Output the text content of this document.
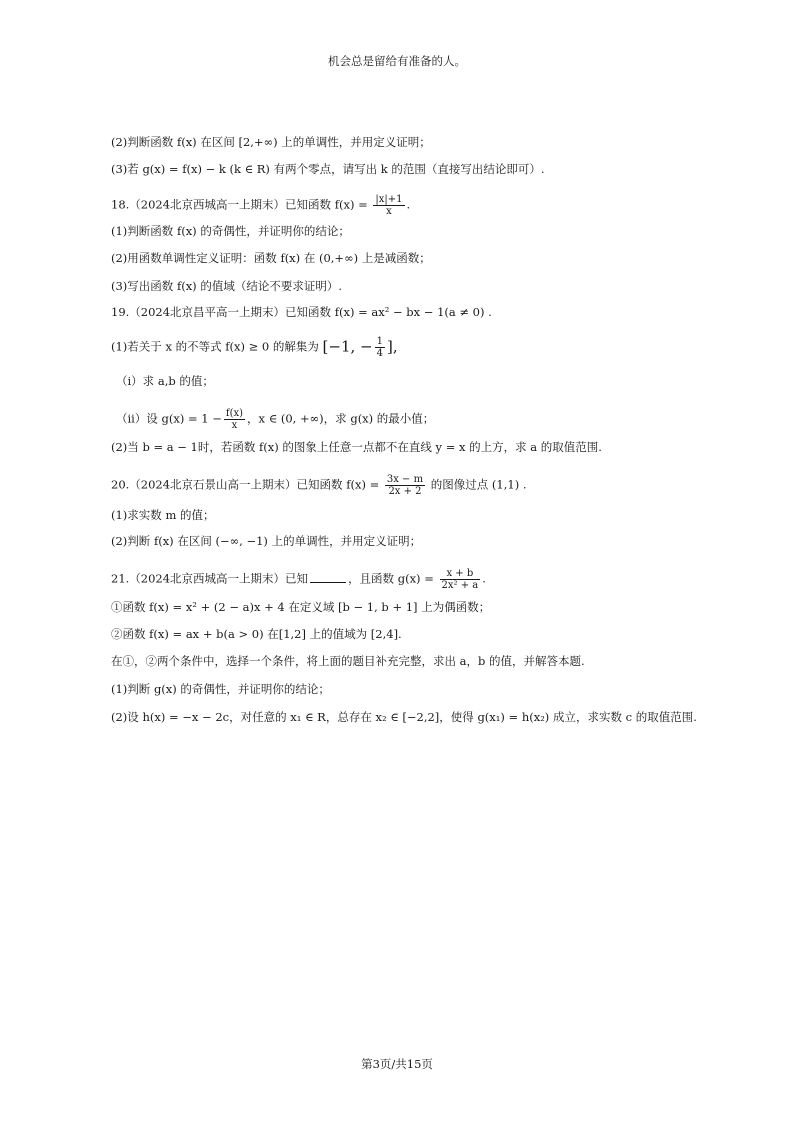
机会总是留给有准备的人。
(2)判断函数 f(x) 在区间 [2,+∞) 上的单调性，并用定义证明；
(3)若 g(x) = f(x) − k (k ∈ R) 有两个零点，请写出 k 的范围（直接写出结论即可）.
18.（2024北京西城高一上期末）已知函数 $f(x) = \frac{|x|+1}{x}$ .
(1)判断函数 f(x) 的奇偶性，并证明你的结论；
(2)用函数单调性定义证明：函数 f(x) 在 (0,+∞) 上是减函数；
(3)写出函数 f(x) 的值域（结论不要求证明）.
19.（2024北京昌平高一上期末）已知函数 f(x) = ax² − bx − 1(a ≠ 0) .
(1)若关于 x 的不等式 f(x) ≥ 0 的解集为 [−1, − $\frac{1}{4}$ ],
（i）求 a,b 的值；
（ii）设 $g(x) = 1 - \frac{f(x)}{x}$ ，x ∈ (0, +∞)，求 g(x) 的最小值；
(2)当 b = a − 1时，若函数 f(x) 的图象上任意一点都不在直线 y = x 的上方，求 a 的取值范围.
20.（2024北京石景山高一上期末）已知函数 $f(x) = \frac{3x - m}{2x + 2}$ 的图像过点 (1,1) .
(1)求实数 m 的值；
(2)判断 f(x) 在区间 (−∞, −1) 上的单调性，并用定义证明；
21.（2024北京西城高一上期末）已知	，且函数 $g(x) = \frac{x + b}{\text{2x² + a}}$ .
①函数 f(x) = x² + (2 − a)x + 4 在定义域 [b − 1, b + 1] 上为偶函数；
②函数 f(x) = ax + b(a > 0) 在[1,2] 上的值域为 [2,4].
在①，②两个条件中，选择一个条件，将上面的题目补充完整，求出 a，b 的值，并解答本题.
(1)判断 g(x) 的奇偶性，并证明你的结论；
(2)设 h(x) = −x − 2c，对任意的 x₁ ∈ R，总存在 x₂ ∈ [−2,2]，使得 g(x₁) = h(x₂) 成立，求实数 c 的取值范围.
第3页/共15页
